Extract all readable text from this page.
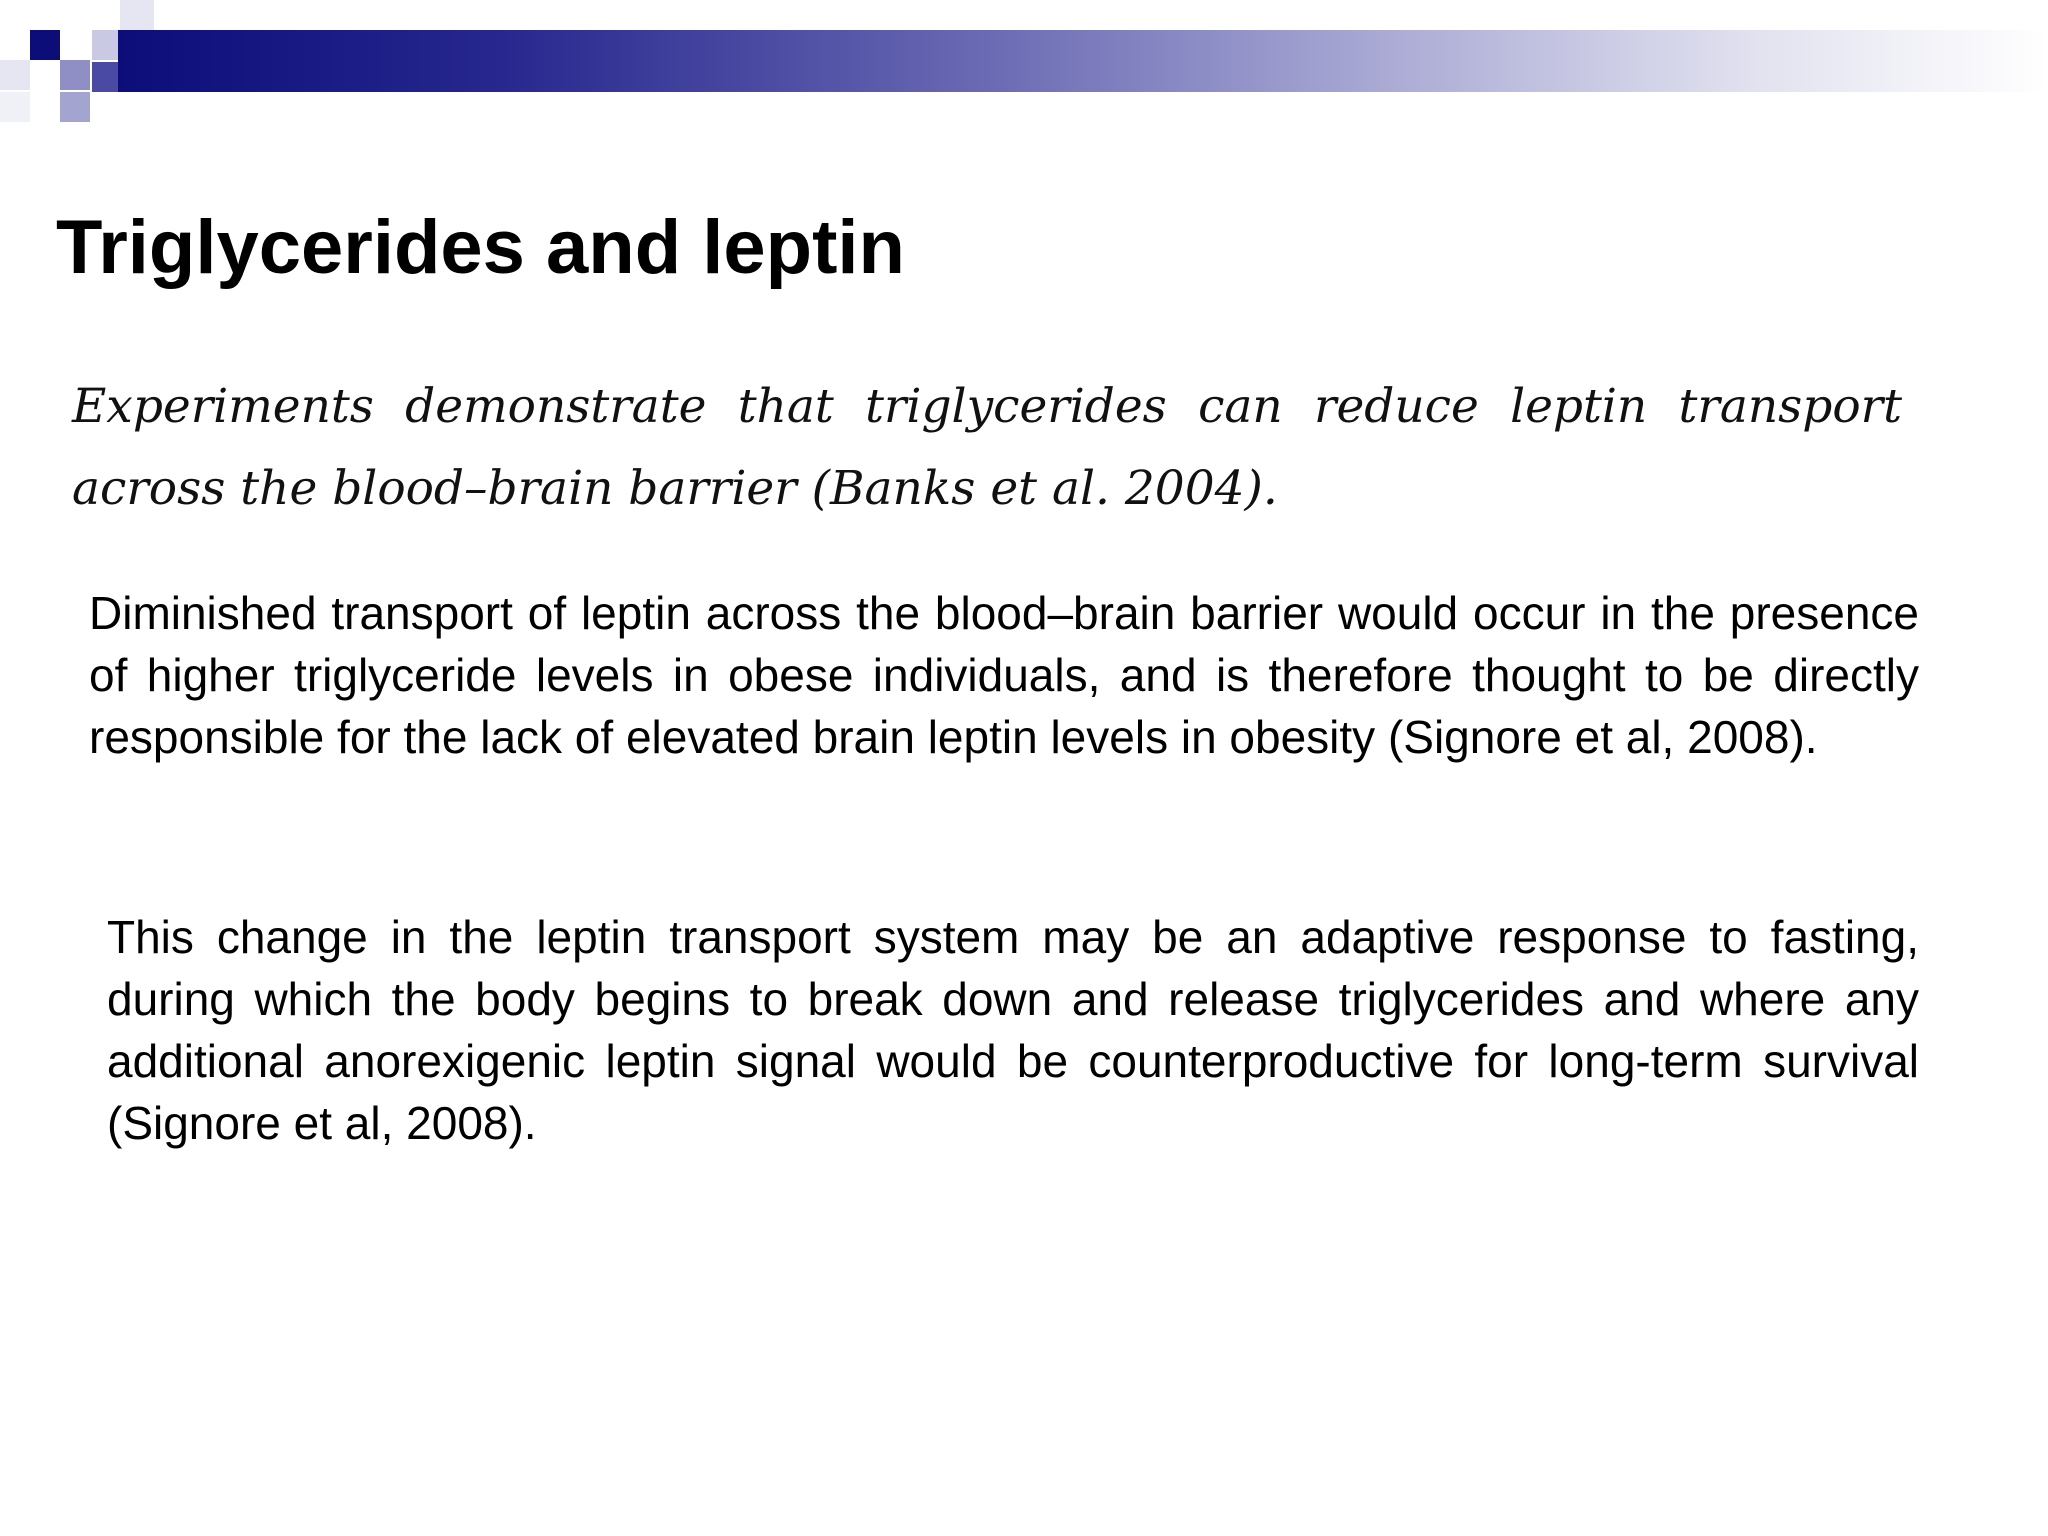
Triglycerides and leptin

Experiments demonstrate that triglycerides can reduce leptin transport across the blood–brain barrier (Banks et al. 2004).

Diminished transport of leptin across the blood–brain barrier would occur in the presence of higher triglyceride levels in obese individuals, and is therefore thought to be directly responsible for the lack of elevated brain leptin levels in obesity (Signore et al, 2008).

This change in the leptin transport system may be an adaptive response to fasting, during which the body begins to break down and release triglycerides and where any additional anorexigenic leptin signal would be counterproductive for long-term survival (Signore et al, 2008).
